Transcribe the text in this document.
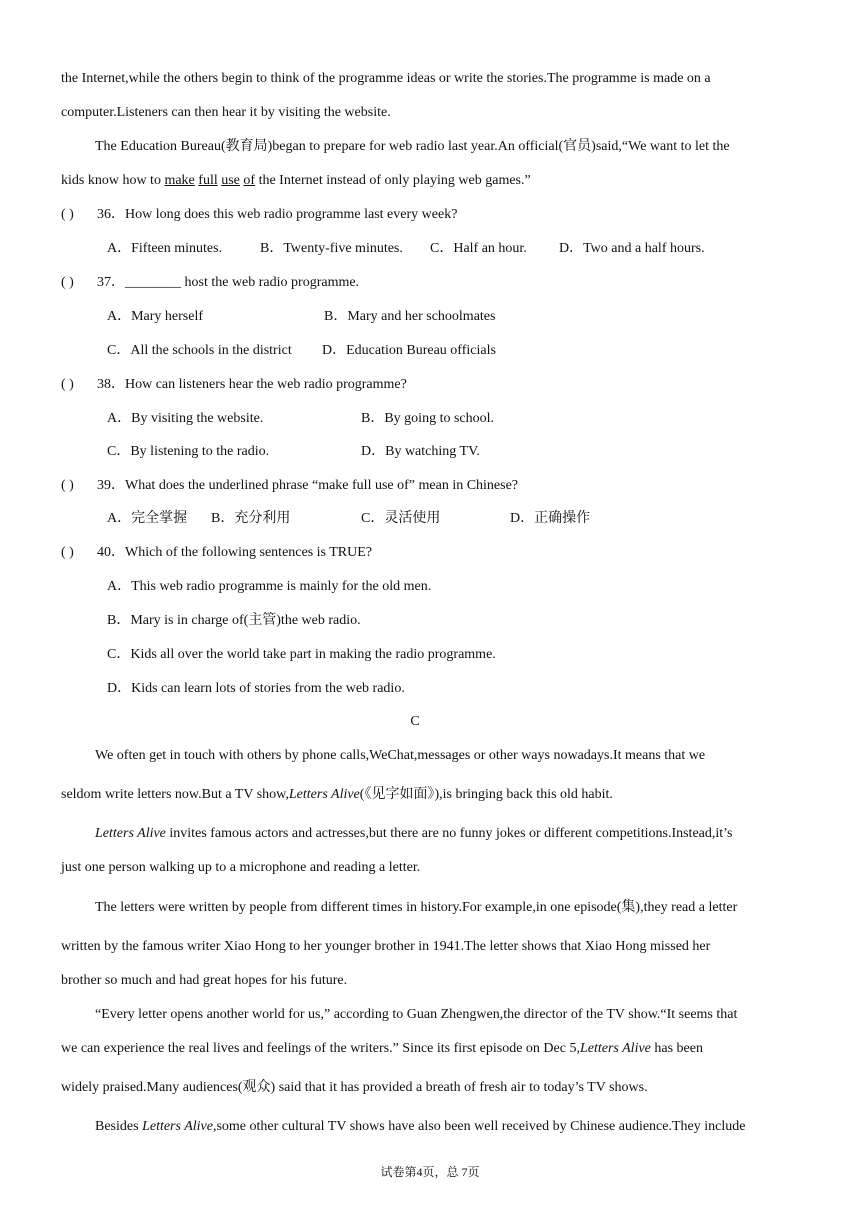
the Internet,while the others begin to think of the programme ideas or write the stories.The programme is made on a
computer.Listeners can then hear it by visiting the website.
The Education Bureau(教育局)began to prepare for web radio last year.An official(官员)said,“We want to let the
kids know how to make full use of the Internet instead of only playing web games.”
( ) 36．How long does this web radio programme last every week?
A．Fifteen minutes.	B．Twenty-five minutes. C．Half an hour. D．Two and a half hours.
( ) 37．________ host the web radio programme.
A．Mary herself	B．Mary and her schoolmates
C．All the schools in the district D．Education Bureau officials
( ) 38．How can listeners hear the web radio programme?
A．By visiting the website.	B．By going to school.
C．By listening to the radio.	D．By watching TV.
( ) 39．What does the underlined phrase “make full use of” mean in Chinese?
A．完全掌握 B．充分利用	C．灵活使用	D．正确操作
( ) 40．Which of the following sentences is TRUE?
A．This web radio programme is mainly for the old men.
B．Mary is in charge of(主管)the web radio.
C．Kids all over the world take part in making the radio programme.
D．Kids can learn lots of stories from the web radio.
C
We often get in touch with others by phone calls,WeChat,messages or other ways nowadays.It means that we
seldom write letters now.But a TV show,Letters Alive(《见字如面》),is bringing back this old habit.
Letters Alive invites famous actors and actresses,but there are no funny jokes or different competitions.Instead,it’s
just one person walking up to a microphone and reading a letter.
The letters were written by people from different times in history.For example,in one episode(集),they read a letter
written by the famous writer Xiao Hong to her younger brother in 1941.The letter shows that Xiao Hong missed her
brother so much and had great hopes for his future.
“Every letter opens another world for us,” according to Guan Zhengwen,the director of the TV show.“It seems that
we can experience the real lives and feelings of the writers.” Since its first episode on Dec 5,Letters Alive has been
widely praised.Many audiences(观众) said that it has provided a breath of fresh air to today’s TV shows.
Besides Letters Alive,some other cultural TV shows have also been well received by Chinese audience.They include
试卷第4页，总 7页
